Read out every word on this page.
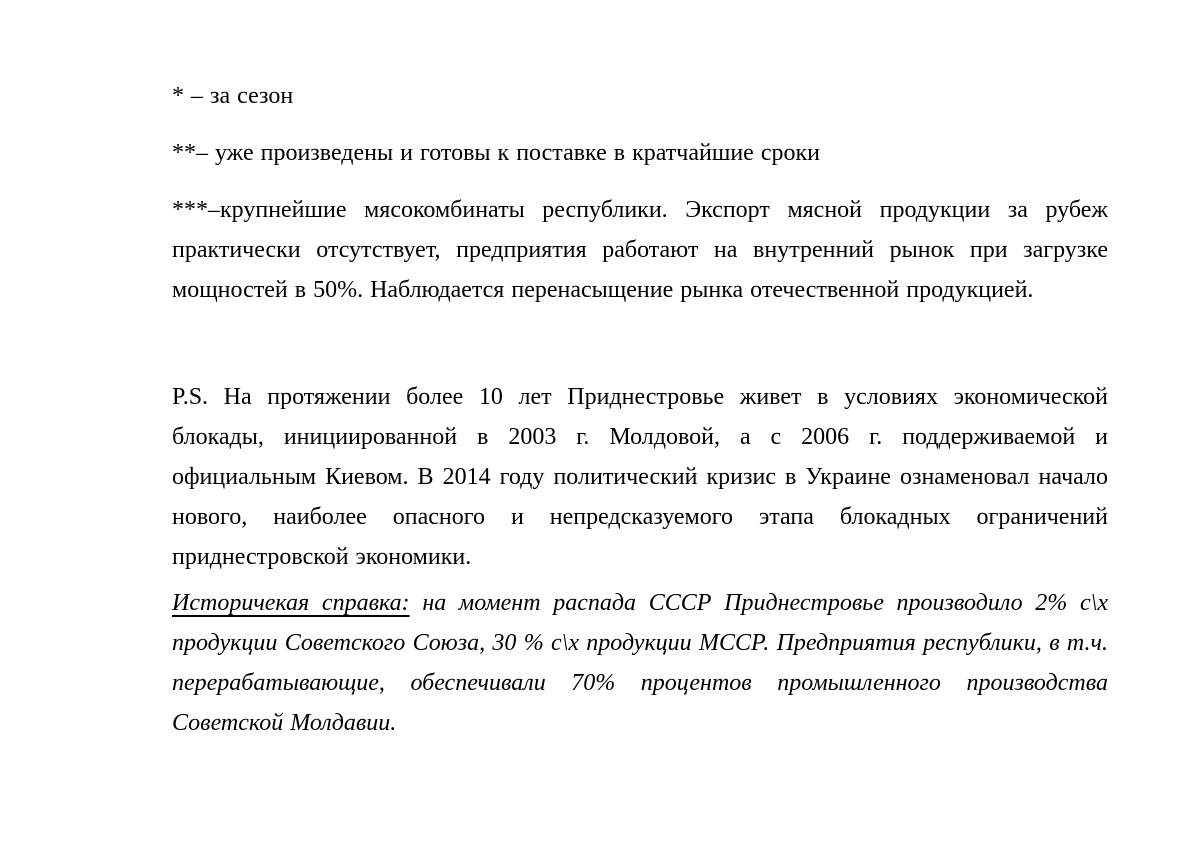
* – за сезон

**– уже произведены и готовы к поставке в кратчайшие сроки

***–крупнейшие мясокомбинаты республики. Экспорт мясной продукции за рубеж практически отсутствует, предприятия работают на внутренний рынок при загрузке мощностей в 50%. Наблюдается перенасыщение рынка отечественной продукцией.

P.S. На протяжении более 10 лет Приднестровье живет в условиях экономической блокады, инициированной в 2003 г. Молдовой, а с 2006 г. поддерживаемой и официальным Киевом. В 2014 году политический кризис в Украине ознаменовал начало нового, наиболее опасного и непредсказуемого этапа блокадных ограничений приднестровской экономики.

Историчекая справка: на момент распада СССР Приднестровье производило 2% с\х продукции Советского Союза, 30 % с\х продукции МССР. Предприятия республики, в т.ч. перерабатывающие, обеспечивали 70% процентов промышленного производства Советской Молдавии.
